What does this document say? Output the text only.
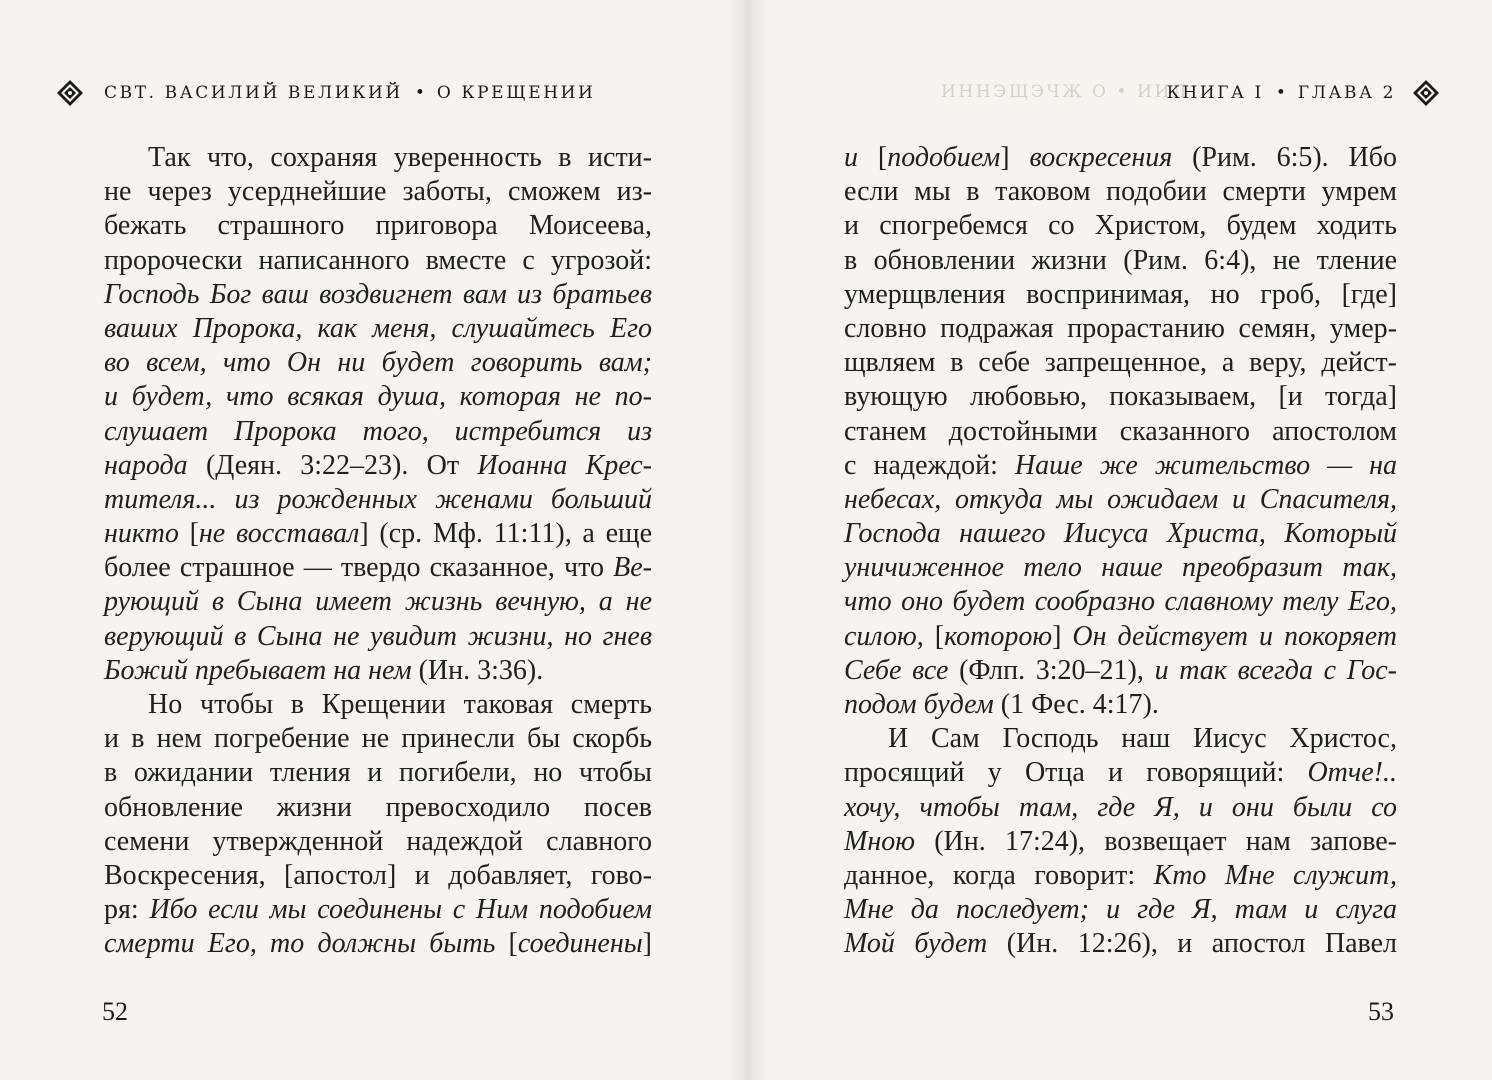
СВТ. ВАСИЛИЙ ВЕЛИКИЙ • О КРЕЩЕНИИ
Так что, сохраняя уверенность в исти-
не через усерднейшие заботы, сможем из-
бежать страшного приговора Моисеева,
пророчески написанного вместе с угрозой:
Господь Бог ваш воздвигнет вам из братьев
ваших Пророка, как меня, слушайтесь Его
во всем, что Он ни будет говорить вам;
и будет, что всякая душа, которая не по-
слушает Пророка того, истребится из
народа (Деян. 3:22–23). От Иоанна Крес-
тителя... из рожденных женами больший
никто [не восставал] (ср. Мф. 11:11), а еще
более страшное — твердо сказанное, что Ве-
рующий в Сына имеет жизнь вечную, а не
верующий в Сына не увидит жизни, но гнев
Божий пребывает на нем (Ин. 3:36).
Но чтобы в Крещении таковая смерть
и в нем погребение не принесли бы скорбь
в ожидании тления и погибели, но чтобы
обновление жизни превосходило посев
семени утвержденной надеждой славного
Воскресения, [апостол] и добавляет, гово-
ря: Ибо если мы соединены с Ним подобием
смерти Его, то должны быть [соединены]
52
ИННЭЩЭЧЖ О • ИИЛ
КНИГА I • ГЛАВА 2
и [подобием] воскресения (Рим. 6:5). Ибо
если мы в таковом подобии смерти умрем
и спогребемся со Христом, будем ходить
в обновлении жизни (Рим. 6:4), не тление
умерщвления воспринимая, но гроб, [где]
словно подражая прорастанию семян, умер-
щвляем в себе запрещенное, а веру, дейст-
вующую любовью, показываем, [и тогда]
станем достойными сказанного апостолом
с надеждой: Наше же жительство — на
небесах, откуда мы ожидаем и Спасителя,
Господа нашего Иисуса Христа, Который
уничиженное тело наше преобразит так,
что оно будет сообразно славному телу Его,
силою, [которою] Он действует и покоряет
Себе все (Флп. 3:20–21), и так всегда с Гос-
подом будем (1 Фес. 4:17).
И Сам Господь наш Иисус Христос,
просящий у Отца и говорящий: Отче!..
хочу, чтобы там, где Я, и они были со
Мною (Ин. 17:24), возвещает нам запове-
данное, когда говорит: Кто Мне служит,
Мне да последует; и где Я, там и слуга
Мой будет (Ин. 12:26), и апостол Павел
53
